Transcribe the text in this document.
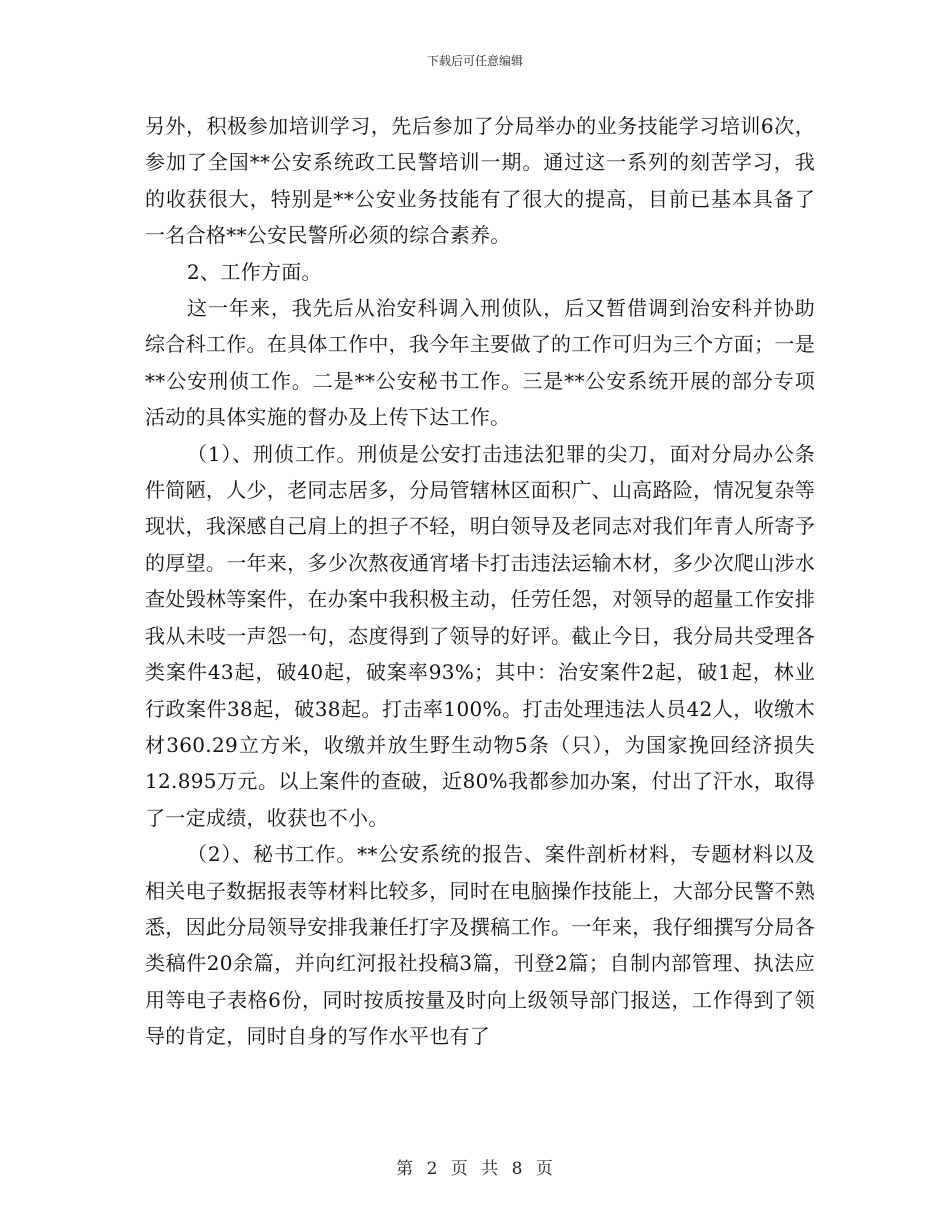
下载后可任意编辑

另外，积极参加培训学习，先后参加了分局举办的业务技能学习培训6次，参加了全国**公安系统政工民警培训一期。通过这一系列的刻苦学习，我的收获很大，特别是**公安业务技能有了很大的提高，目前已基本具备了一名合格**公安民警所必须的综合素养。

2、工作方面。

这一年来，我先后从治安科调入刑侦队，后又暂借调到治安科并协助综合科工作。在具体工作中，我今年主要做了的工作可归为三个方面；一是**公安刑侦工作。二是**公安秘书工作。三是**公安系统开展的部分专项活动的具体实施的督办及上传下达工作。

（1）、刑侦工作。刑侦是公安打击违法犯罪的尖刀，面对分局办公条件简陋，人少，老同志居多，分局管辖林区面积广、山高路险，情况复杂等现状，我深感自己肩上的担子不轻，明白领导及老同志对我们年青人所寄予的厚望。一年来，多少次熬夜通宵堵卡打击违法运输木材，多少次爬山涉水查处毁林等案件，在办案中我积极主动，任劳任怨，对领导的超量工作安排我从未吱一声怨一句，态度得到了领导的好评。截止今日，我分局共受理各类案件43起，破40起，破案率93%；其中：治安案件2起，破1起，林业行政案件38起，破38起。打击率100%。打击处理违法人员42人，收缴木材360.29立方米，收缴并放生野生动物5条（只），为国家挽回经济损失12.895万元。以上案件的查破，近80%我都参加办案，付出了汗水，取得了一定成绩，收获也不小。

（2）、秘书工作。**公安系统的报告、案件剖析材料，专题材料以及相关电子数据报表等材料比较多，同时在电脑操作技能上，大部分民警不熟悉，因此分局领导安排我兼任打字及撰稿工作。一年来，我仔细撰写分局各类稿件20余篇，并向红河报社投稿3篇，刊登2篇；自制内部管理、执法应用等电子表格6份，同时按质按量及时向上级领导部门报送，工作得到了领导的肯定，同时自身的写作水平也有了

第 2 页 共 8 页
